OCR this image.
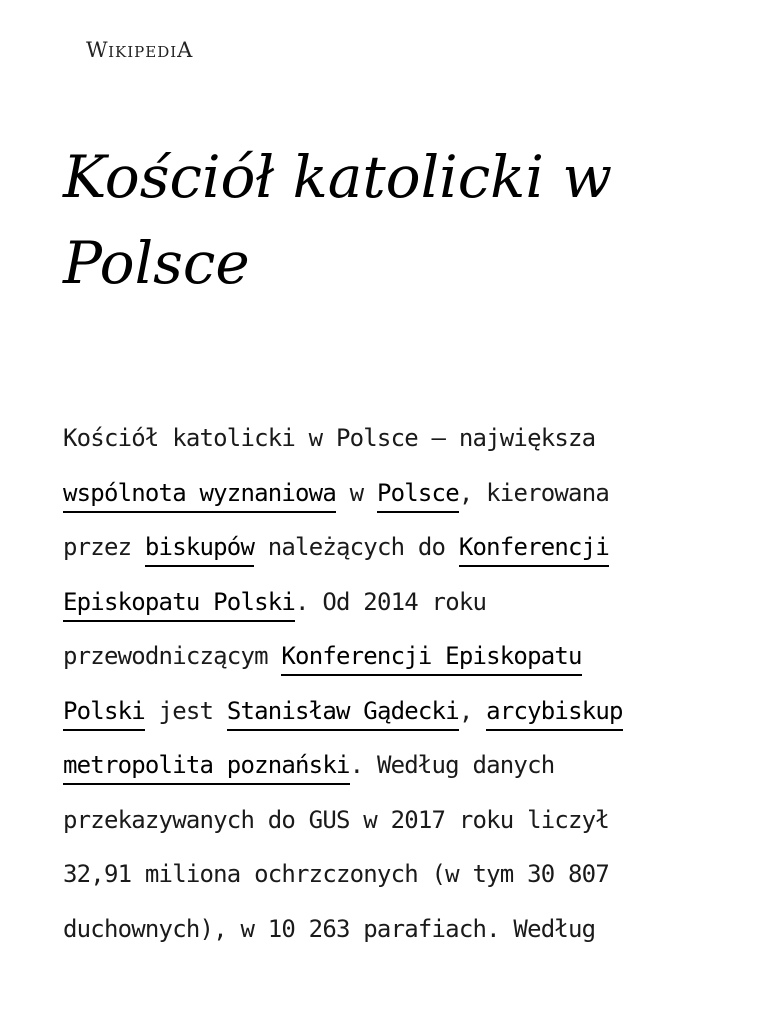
WIKIPEDIA
Kościół katolicki w Polsce

Kościół katolicki w Polsce – największa
wspólnota wyznaniowa w Polsce, kierowana
przez biskupów należących do Konferencji
Episkopatu Polski. Od 2014 roku
przewodniczącym Konferencji Episkopatu
Polski jest Stanisław Gądecki, arcybiskup
metropolita poznański. Według danych
przekazywanych do GUS w 2017 roku liczył
32,91 miliona ochrzczonych (w tym 30 807
duchownych), w 10 263 parafiach. Według
